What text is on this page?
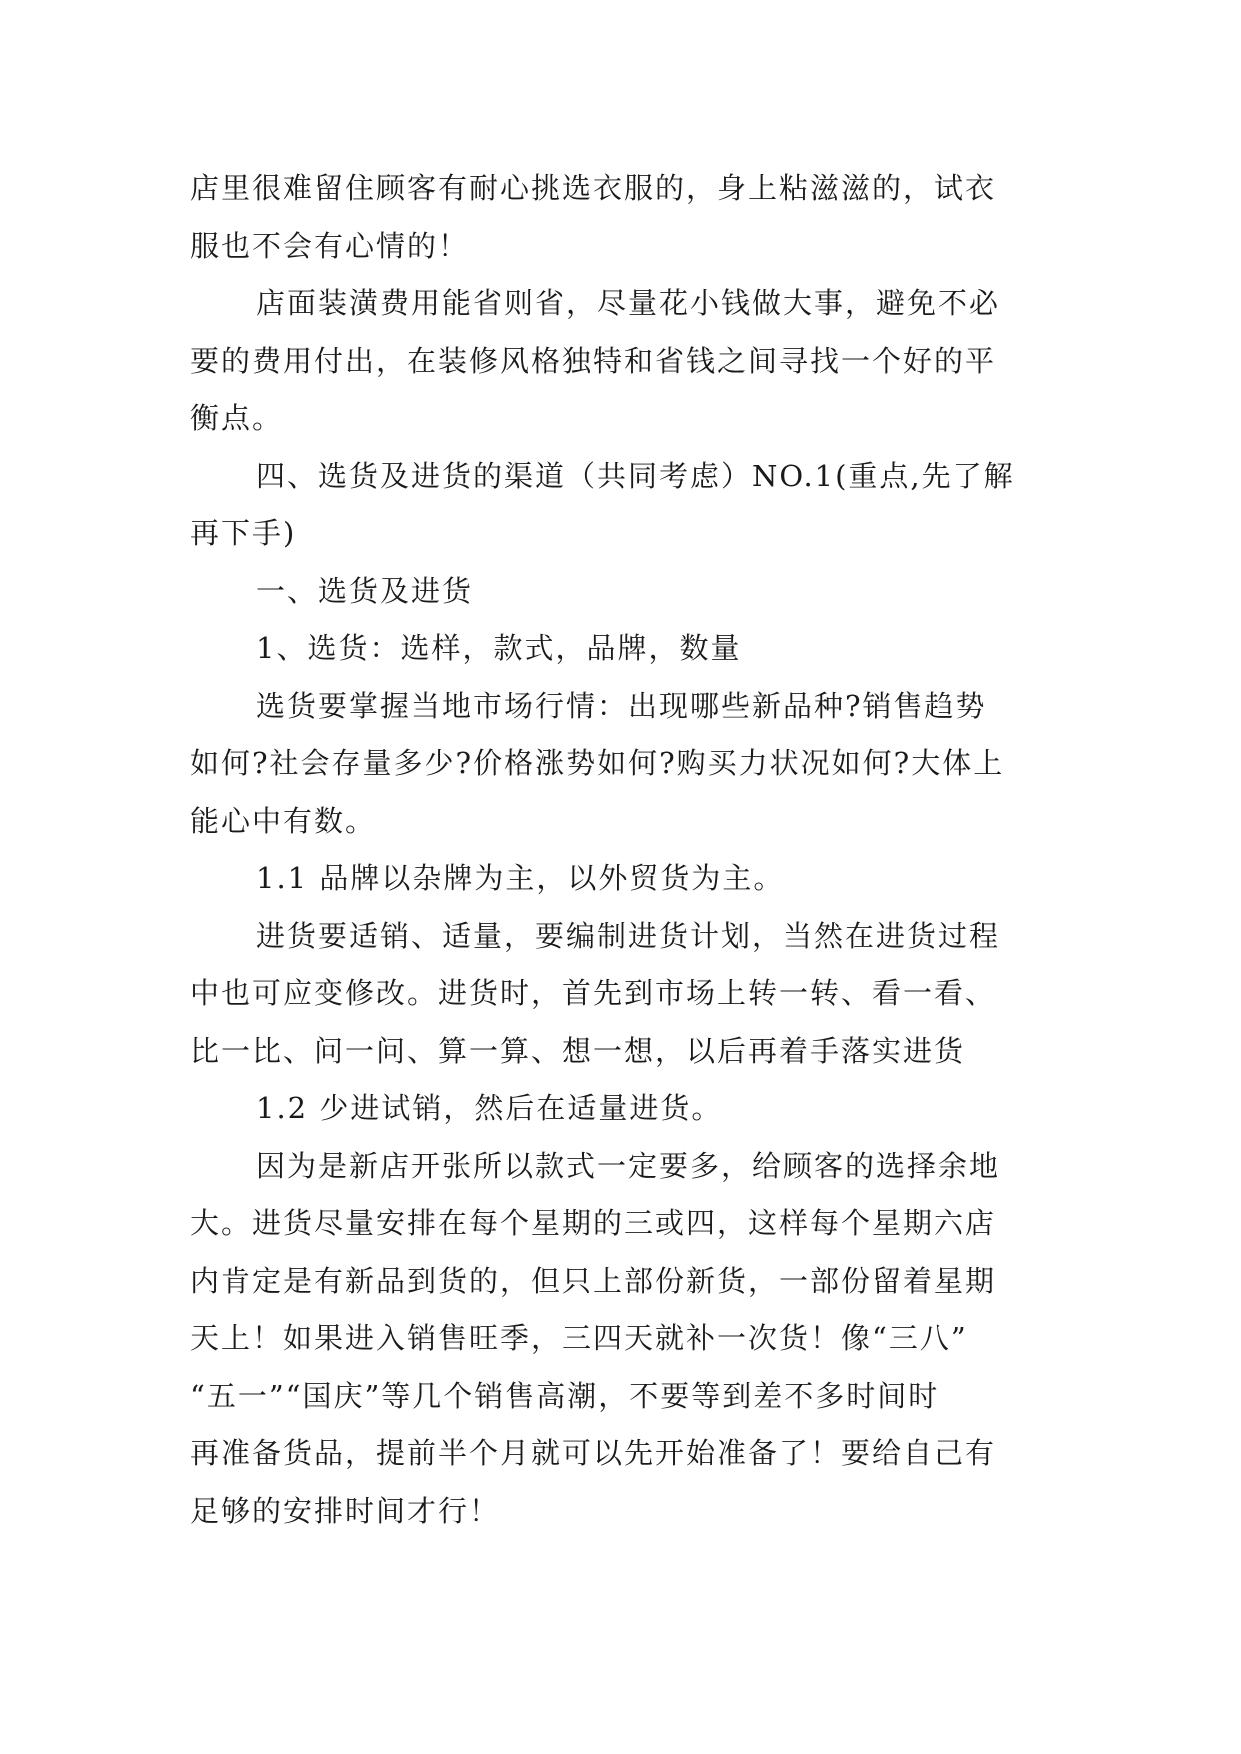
店里很难留住顾客有耐心挑选衣服的，身上粘滋滋的，试衣
服也不会有心情的！
店面装潢费用能省则省，尽量花小钱做大事，避免不必
要的费用付出，在装修风格独特和省钱之间寻找一个好的平
衡点。
四、选货及进货的渠道（共同考虑）NO.1(重点,先了解
再下手)
一、选货及进货
1、选货：选样，款式，品牌，数量
选货要掌握当地市场行情：出现哪些新品种?销售趋势
如何?社会存量多少?价格涨势如何?购买力状况如何?大体上
能心中有数。
1.1 品牌以杂牌为主，以外贸货为主。
进货要适销、适量，要编制进货计划，当然在进货过程
中也可应变修改。进货时，首先到市场上转一转、看一看、
比一比、问一问、算一算、想一想，以后再着手落实进货
1.2 少进试销，然后在适量进货。
因为是新店开张所以款式一定要多，给顾客的选择余地
大。进货尽量安排在每个星期的三或四，这样每个星期六店
内肯定是有新品到货的，但只上部份新货，一部份留着星期
天上！如果进入销售旺季，三四天就补一次货！像“三八”
“五一”“国庆”等几个销售高潮，不要等到差不多时间时
再准备货品，提前半个月就可以先开始准备了！要给自己有
足够的安排时间才行！
